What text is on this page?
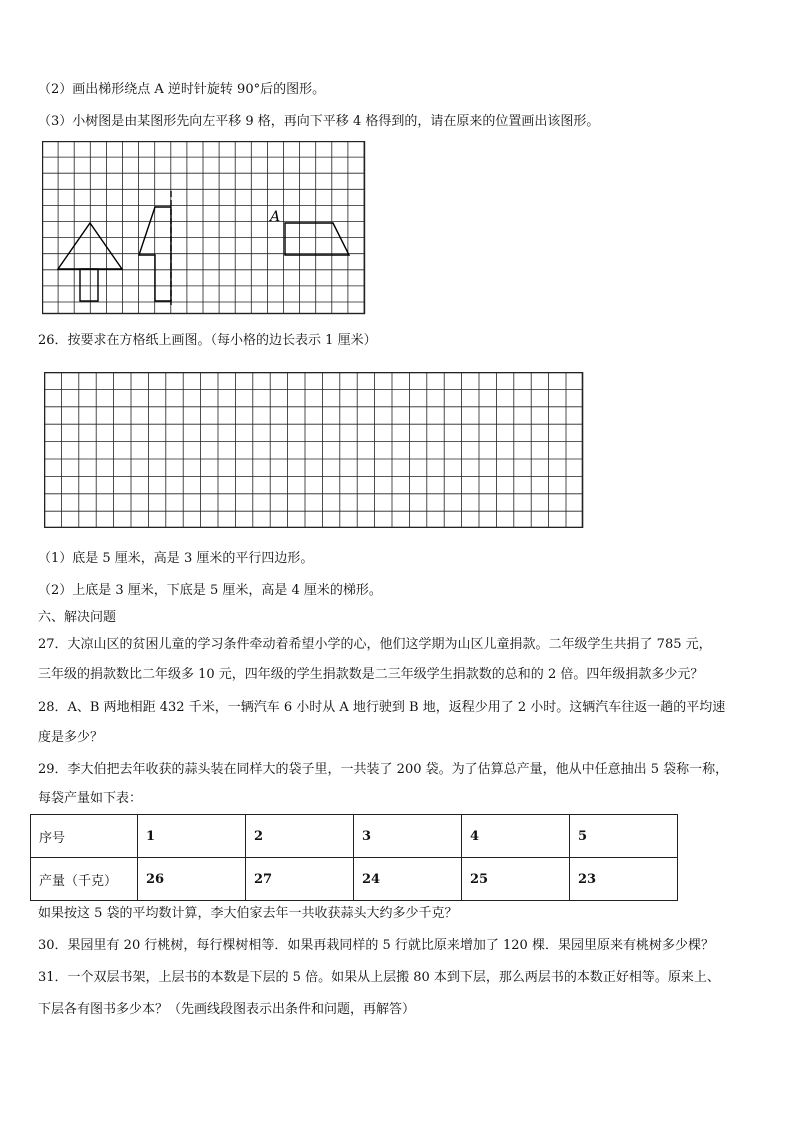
（2）画出梯形绕点 A 逆时针旋转 90°后的图形。
（3）小树图是由某图形先向左平移 9 格，再向下平移 4 格得到的，请在原来的位置画出该图形。
A
26．按要求在方格纸上画图。（每小格的边长表示 1 厘米）
（1）底是 5 厘米，高是 3 厘米的平行四边形。
（2）上底是 3 厘米，下底是 5 厘米，高是 4 厘米的梯形。
六、解决问题
27．大凉山区的贫困儿童的学习条件牵动着希望小学的心，他们这学期为山区儿童捐款。二年级学生共捐了 785 元，
三年级的捐款数比二年级多 10 元，四年级的学生捐款数是二三年级学生捐款数的总和的 2 倍。四年级捐款多少元？
28．A、B 两地相距 432 千米，一辆汽车 6 小时从 A 地行驶到 B 地，返程少用了 2 小时。这辆汽车往返一趟的平均速
度是多少？
29．李大伯把去年收获的蒜头装在同样大的袋子里，一共装了 200 袋。为了估算总产量，他从中任意抽出 5 袋称一称，
每袋产量如下表：
序号	1	2	3	4	5
产量（千克）	26	27	24	25	23
如果按这 5 袋的平均数计算，李大伯家去年一共收获蒜头大约多少千克？
30．果园里有 20 行桃树，每行棵树相等．如果再栽同样的 5 行就比原来增加了 120 棵．果园里原来有桃树多少棵？
31．一个双层书架，上层书的本数是下层的 5 倍。如果从上层搬 80 本到下层，那么两层书的本数正好相等。原来上、
下层各有图书多少本？（先画线段图表示出条件和问题，再解答）
